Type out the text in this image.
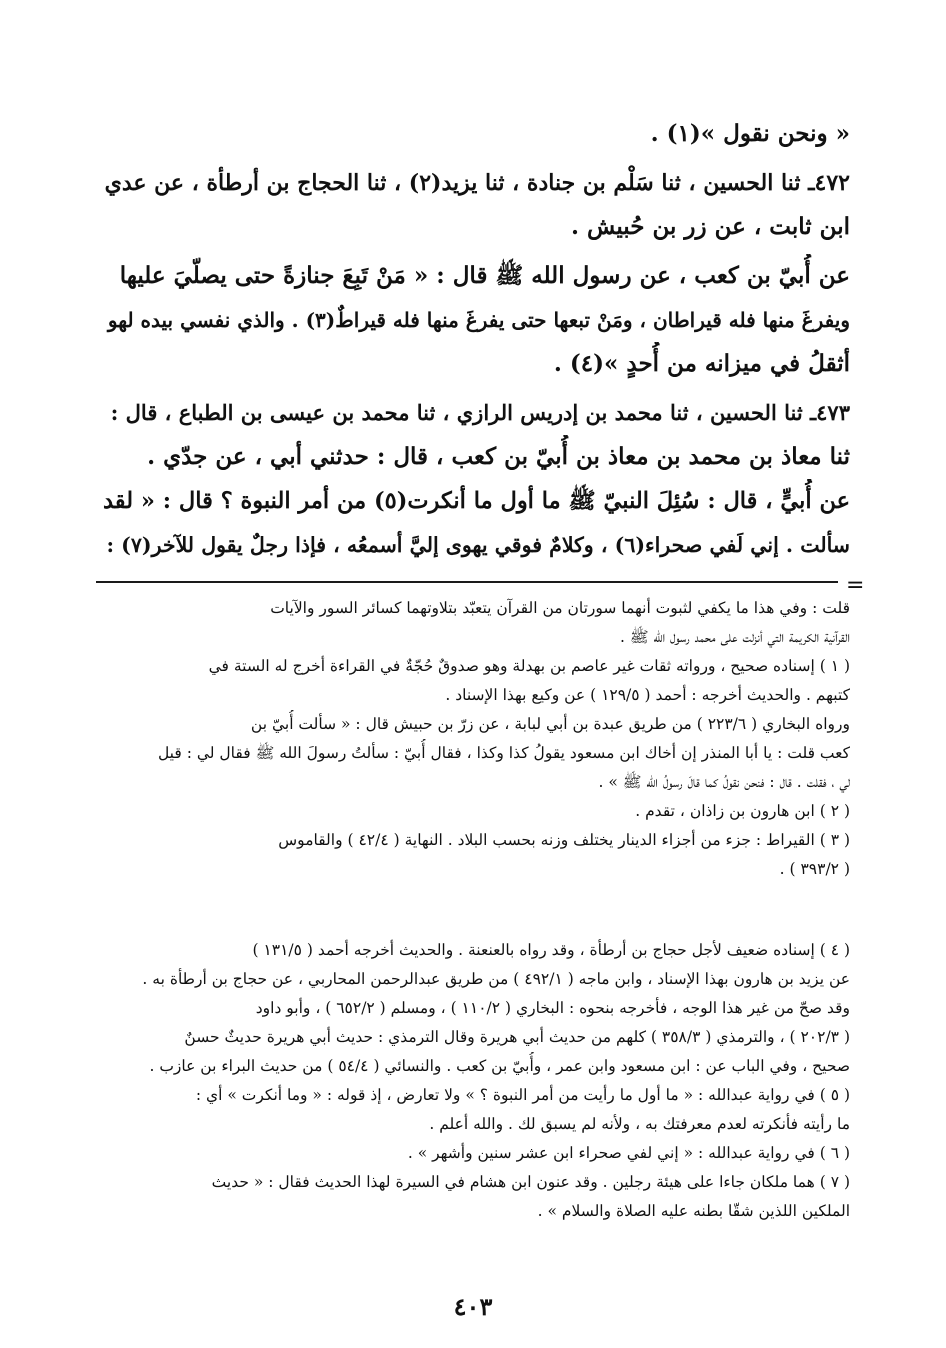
« ونحن نقول »(١) .
٤٧٢ـ ثنا الحسين ، ثنا سَلْم بن جنادة ، ثنا يزيد(٢) ، ثنا الحجاج بن أرطأة ، عن عدي
ابن ثابت ، عن زر بن حُبيش .
عن أُبيّ بن كعب ، عن رسول الله ﷺ قال : « مَنْ تَبِعَ جنازةً حتى يصلّيَ عليها
ويفرغَ منها فله قيراطان ، ومَنْ تبعها حتى يفرغَ منها فله قيراطٌ(٣) . والذي نفسي بيده لهو
أثقلُ في ميزانه من أُحدٍ »(٤) .
٤٧٣ـ ثنا الحسين ، ثنا محمد بن إدريس الرازي ، ثنا محمد بن عيسى بن الطباع ، قال :
ثنا معاذ بن محمد بن معاذ بن أُبيّ بن كعب ، قال : حدثني أبي ، عن جدّي .
عن أُبيٍّ ، قال : سُئِلَ النبيّ ﷺ ما أول ما أنكرت(٥) من أمر النبوة ؟ قال : « لقد
سألت . إني لَفي صحراء(٦) ، وكلامٌ فوقي يهوى إليَّ أسمعُه ، فإذا رجلٌ يقول للآخر(٧) :
=
قلت : وفي هذا ما يكفي لثبوت أنهما سورتان من القرآن يتعبّد بتلاوتهما كسائر السور والآيات
القرآنية الكريمة التي أنزلت على محمد رسول الله ﷺ .
( ١ ) إسناده صحيح ، ورواته ثقات غير عاصم بن بهدلة وهو صدوقٌ حُجّةٌ في القراءة أخرج له الستة في
كتبهم . والحديث أخرجه : أحمد ( ١٢٩/٥ ) عن وكيع بهذا الإسناد .
ورواه البخاري ( ٢٢٣/٦ ) من طريق عبدة بن أبي لبابة ، عن زرّ بن حبيش قال : « سألت أُبيّ بن
كعب قلت : يا أبا المنذر إن أخاك ابن مسعود يقولُ كذا وكذا ، فقال أُبيّ : سألتُ رسولَ الله ﷺ فقال لي : قيل
لي ، فقلت . قال : فنحن نقولُ كما قالَ رسولُ الله ﷺ » .
( ٢ ) ابن هارون بن زاذان ، تقدم .
( ٣ ) القيراط : جزء من أجزاء الدينار يختلف وزنه بحسب البلاد . النهاية ( ٤٢/٤ ) والقاموس
( ٣٩٣/٢ ) .
( ٤ ) إسناده ضعيف لأجل حجاج بن أرطأة ، وقد رواه بالعنعنة . والحديث أخرجه أحمد ( ١٣١/٥ )
عن يزيد بن هارون بهذا الإسناد ، وابن ماجه ( ٤٩٢/١ ) من طريق عبدالرحمن المحاربي ، عن حجاج بن أرطأة به .
وقد صحّ من غير هذا الوجه ، فأخرجه بنحوه : البخاري ( ١١٠/٢ ) ، ومسلم ( ٦٥٢/٢ ) ، وأبو داود
( ٢٠٢/٣ ) ، والترمذي ( ٣٥٨/٣ ) كلهم من حديث أبي هريرة وقال الترمذي : حديث أبي هريرة حديثٌ حسنٌ
صحيح ، وفي الباب عن : ابن مسعود وابن عمر ، وأُبيّ بن كعب . والنسائي ( ٥٤/٤ ) من حديث البراء بن عازب .
( ٥ ) في رواية عبدالله : « ما أول ما رأيت من أمر النبوة ؟ » ولا تعارض ، إذ قوله : « وما أنكرت » أي :
ما رأيته فأنكرته لعدم معرفتك به ، ولأنه لم يسبق لك . والله أعلم .
( ٦ ) في رواية عبدالله : « إني لفي صحراء ابن عشر سنين وأشهر » .
( ٧ ) هما ملكان جاءا على هيئة رجلين . وقد عنون ابن هشام في السيرة لهذا الحديث فقال : « حديث
الملكين اللذين شقّا بطنه عليه الصلاة والسلام » .
٤٠٣
